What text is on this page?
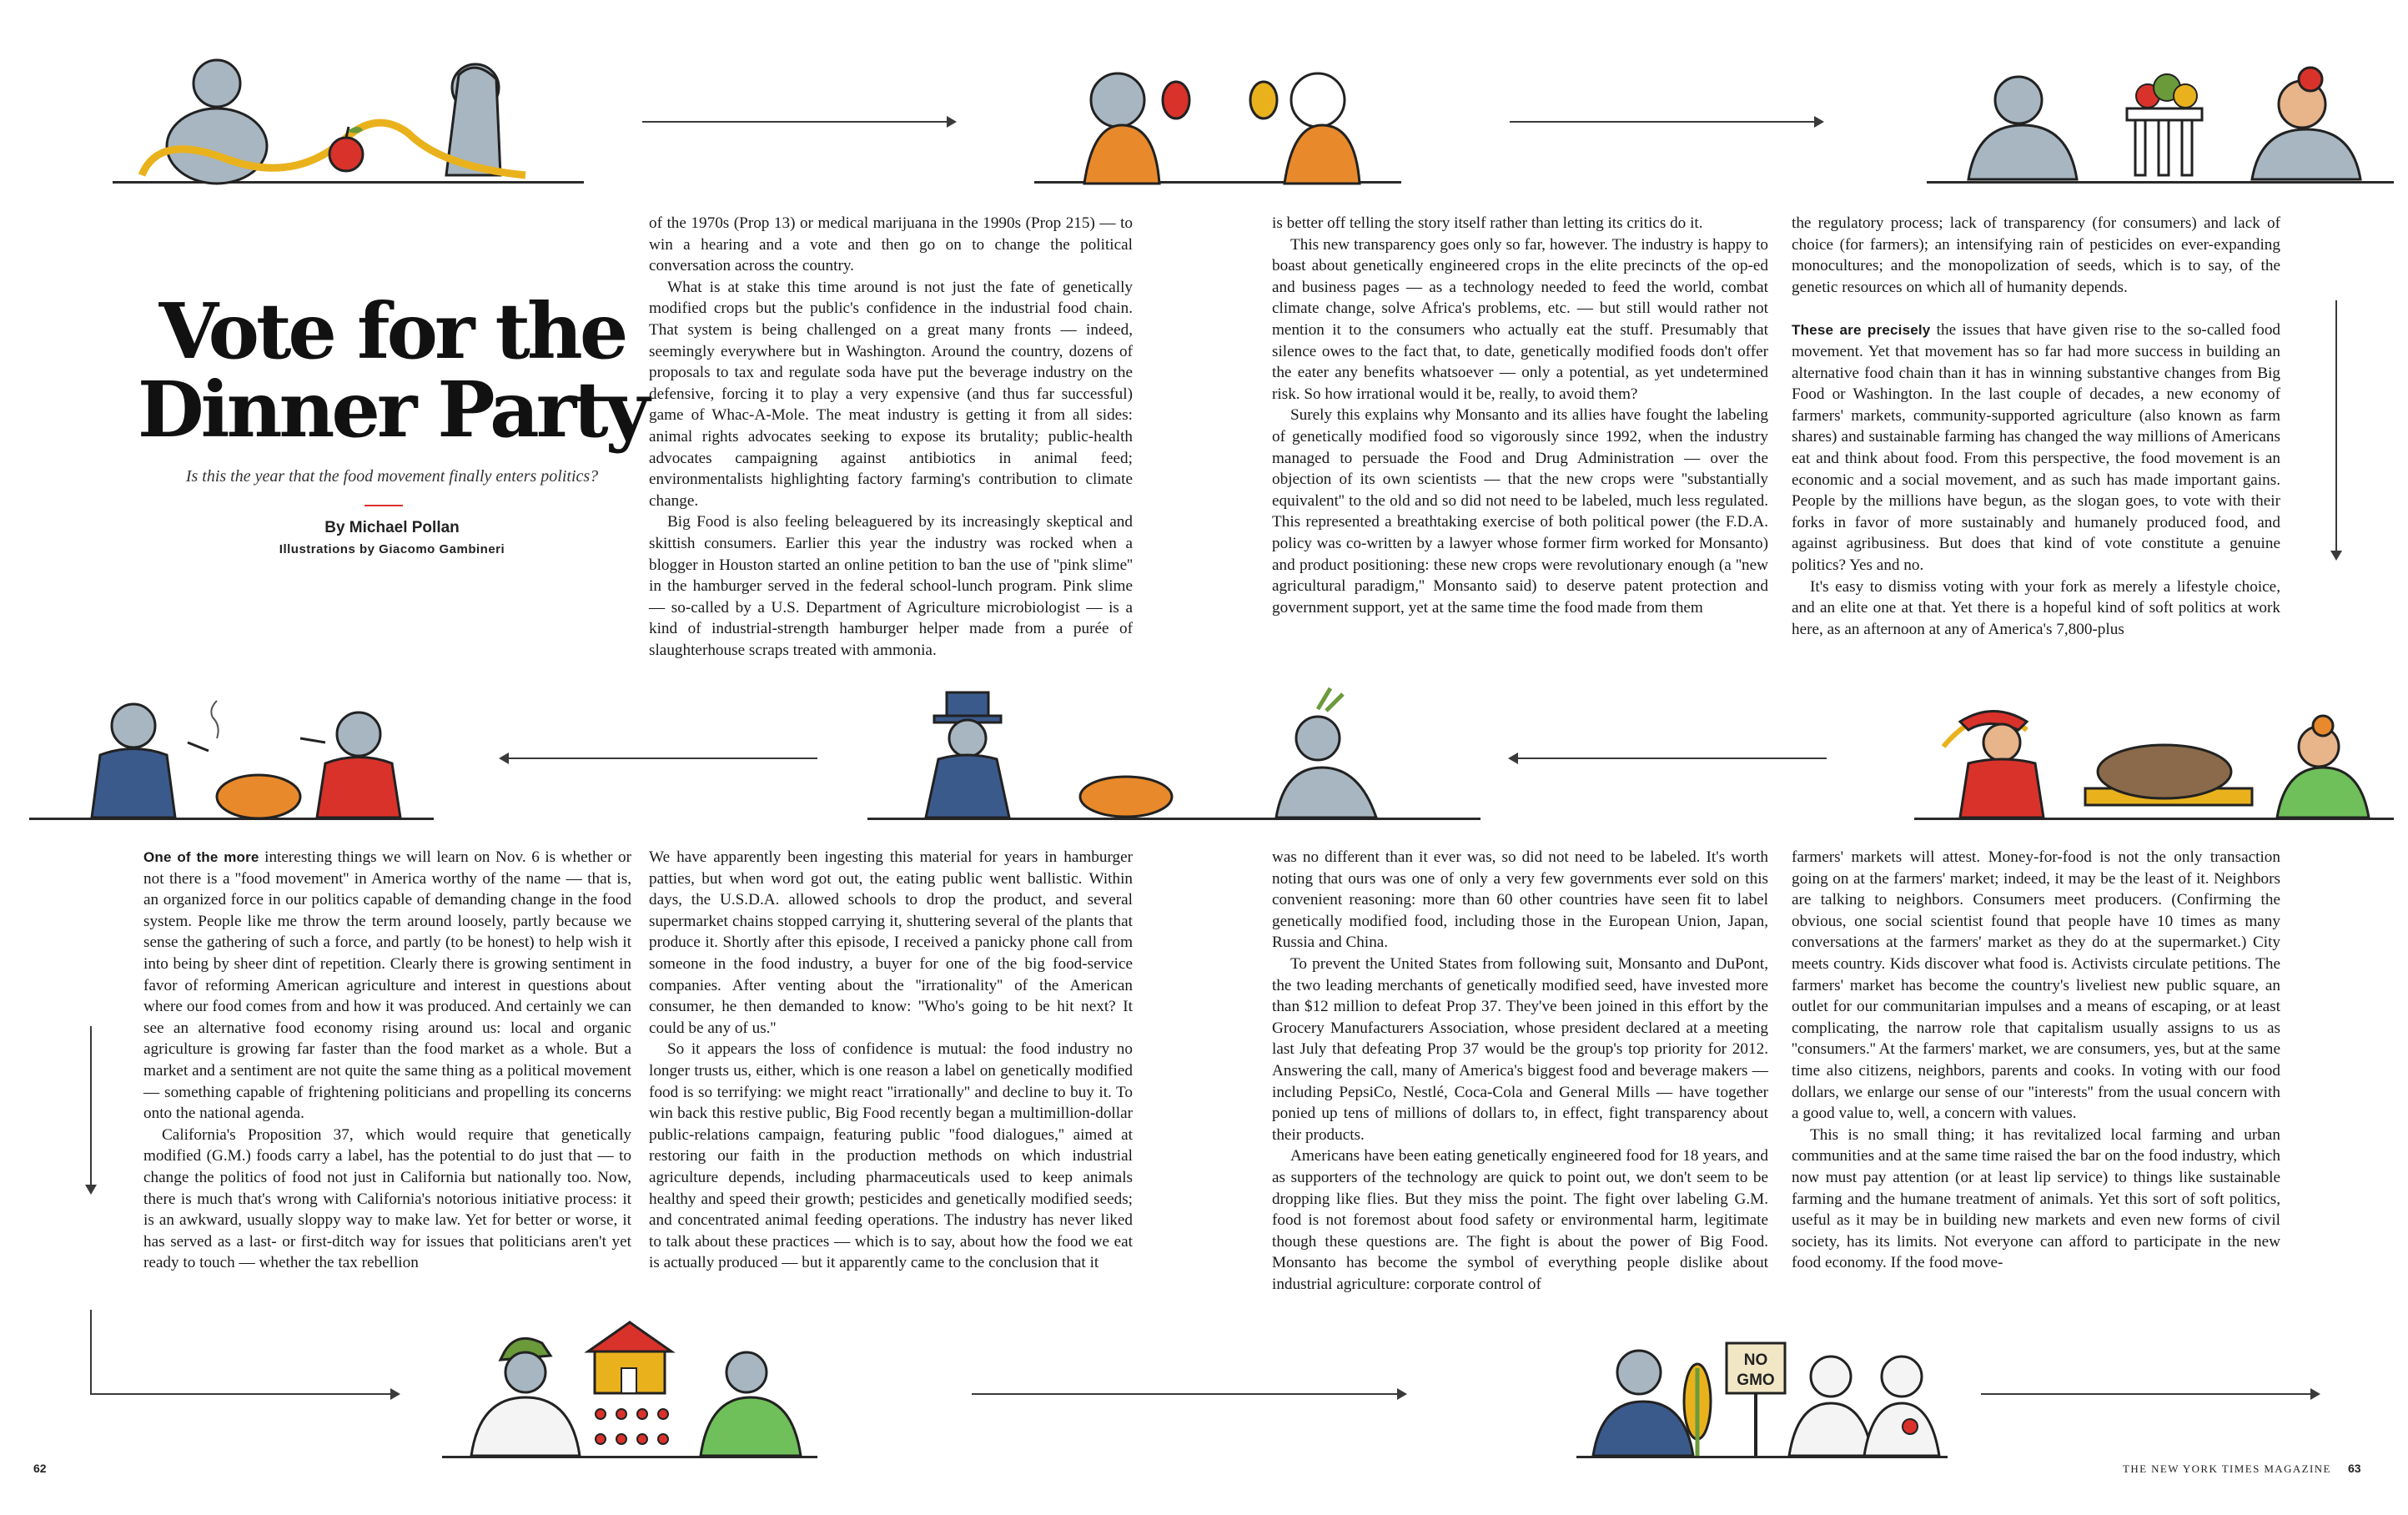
Vote for the
Dinner Party
Is this the year that the food movement finally enters politics?
By Michael Pollan
Illustrations by Giacomo Gambineri

of the 1970s (Prop 13) or medical marijuana in the 1990s (Prop 215) — to win a hearing and a vote and then go on to change the political conversation across the country.

What is at stake this time around is not just the fate of genetically modified crops but the public's confidence in the industrial food chain. That system is being challenged on a great many fronts — indeed, seemingly everywhere but in Washington. Around the country, dozens of proposals to tax and regulate soda have put the beverage industry on the defensive, forcing it to play a very expensive (and thus far successful) game of Whac-A-Mole. The meat industry is getting it from all sides: animal rights advocates seeking to expose its brutality; public-health advocates campaigning against antibiotics in animal feed; environmentalists highlighting factory farming's contribution to climate change.

Big Food is also feeling beleaguered by its increasingly skeptical and skittish consumers. Earlier this year the industry was rocked when a blogger in Houston started an online petition to ban the use of ''pink slime'' in the hamburger served in the federal school-lunch program. Pink slime — so-called by a U.S. Department of Agriculture microbiologist — is a kind of industrial-strength hamburger helper made from a purée of slaughterhouse scraps treated with ammonia.

is better off telling the story itself rather than letting its critics do it.

This new transparency goes only so far, however. The industry is happy to boast about genetically engineered crops in the elite precincts of the op-ed and business pages — as a technology needed to feed the world, combat climate change, solve Africa's problems, etc. — but still would rather not mention it to the consumers who actually eat the stuff. Presumably that silence owes to the fact that, to date, genetically modified foods don't offer the eater any benefits whatsoever — only a potential, as yet undetermined risk. So how irrational would it be, really, to avoid them?

Surely this explains why Monsanto and its allies have fought the labeling of genetically modified food so vigorously since 1992, when the industry managed to persuade the Food and Drug Administration — over the objection of its own scientists — that the new crops were ''substantially equivalent'' to the old and so did not need to be labeled, much less regulated. This represented a breathtaking exercise of both political power (the F.D.A. policy was co-written by a lawyer whose former firm worked for Monsanto) and product positioning: these new crops were revolutionary enough (a ''new agricultural paradigm,'' Monsanto said) to deserve patent protection and government support, yet at the same time the food made from them

the regulatory process; lack of transparency (for consumers) and lack of choice (for farmers); an intensifying rain of pesticides on ever-expanding monocultures; and the monopolization of seeds, which is to say, of the genetic resources on which all of humanity depends.

These are precisely the issues that have given rise to the so-called food movement. Yet that movement has so far had more success in building an alternative food chain than it has in winning substantive changes from Big Food or Washington. In the last couple of decades, a new economy of farmers' markets, community-supported agriculture (also known as farm shares) and sustainable farming has changed the way millions of Americans eat and think about food. From this perspective, the food movement is an economic and a social movement, and as such has made important gains. People by the millions have begun, as the slogan goes, to vote with their forks in favor of more sustainably and humanely produced food, and against agribusiness. But does that kind of vote constitute a genuine politics? Yes and no.

It's easy to dismiss voting with your fork as merely a lifestyle choice, and an elite one at that. Yet there is a hopeful kind of soft politics at work here, as an afternoon at any of America's 7,800-plus

One of the more interesting things we will learn on Nov. 6 is whether or not there is a ''food movement'' in America worthy of the name — that is, an organized force in our politics capable of demanding change in the food system. People like me throw the term around loosely, partly because we sense the gathering of such a force, and partly (to be honest) to help wish it into being by sheer dint of repetition. Clearly there is growing sentiment in favor of reforming American agriculture and interest in questions about where our food comes from and how it was produced. And certainly we can see an alternative food economy rising around us: local and organic agriculture is growing far faster than the food market as a whole. But a market and a sentiment are not quite the same thing as a political movement — something capable of frightening politicians and propelling its concerns onto the national agenda.

California's Proposition 37, which would require that genetically modified (G.M.) foods carry a label, has the potential to do just that — to change the politics of food not just in California but nationally too. Now, there is much that's wrong with California's notorious initiative process: it is an awkward, usually sloppy way to make law. Yet for better or worse, it has served as a last- or first-ditch way for issues that politicians aren't yet ready to touch — whether the tax rebellion

We have apparently been ingesting this material for years in hamburger patties, but when word got out, the eating public went ballistic. Within days, the U.S.D.A. allowed schools to drop the product, and several supermarket chains stopped carrying it, shuttering several of the plants that produce it. Shortly after this episode, I received a panicky phone call from someone in the food industry, a buyer for one of the big food-service companies. After venting about the ''irrationality'' of the American consumer, he then demanded to know: ''Who's going to be hit next? It could be any of us.''

So it appears the loss of confidence is mutual: the food industry no longer trusts us, either, which is one reason a label on genetically modified food is so terrifying: we might react ''irrationally'' and decline to buy it. To win back this restive public, Big Food recently began a multimillion-dollar public-relations campaign, featuring public ''food dialogues,'' aimed at restoring our faith in the production methods on which industrial agriculture depends, including pharmaceuticals used to keep animals healthy and speed their growth; pesticides and genetically modified seeds; and concentrated animal feeding operations. The industry has never liked to talk about these practices — which is to say, about how the food we eat is actually produced — but it apparently came to the conclusion that it

was no different than it ever was, so did not need to be labeled. It's worth noting that ours was one of only a very few governments ever sold on this convenient reasoning: more than 60 other countries have seen fit to label genetically modified food, including those in the European Union, Japan, Russia and China.

To prevent the United States from following suit, Monsanto and DuPont, the two leading merchants of genetically modified seed, have invested more than $12 million to defeat Prop 37. They've been joined in this effort by the Grocery Manufacturers Association, whose president declared at a meeting last July that defeating Prop 37 would be the group's top priority for 2012. Answering the call, many of America's biggest food and beverage makers — including PepsiCo, Nestlé, Coca-Cola and General Mills — have together ponied up tens of millions of dollars to, in effect, fight transparency about their products.

Americans have been eating genetically engineered food for 18 years, and as supporters of the technology are quick to point out, we don't seem to be dropping like flies. But they miss the point. The fight over labeling G.M. food is not foremost about food safety or environmental harm, legitimate though these questions are. The fight is about the power of Big Food. Monsanto has become the symbol of everything people dislike about industrial agriculture: corporate control of

farmers' markets will attest. Money-for-food is not the only transaction going on at the farmers' market; indeed, it may be the least of it. Neighbors are talking to neighbors. Consumers meet producers. (Confirming the obvious, one social scientist found that people have 10 times as many conversations at the farmers' market as they do at the supermarket.) City meets country. Kids discover what food is. Activists circulate petitions. The farmers' market has become the country's liveliest new public square, an outlet for our communitarian impulses and a means of escaping, or at least complicating, the narrow role that capitalism usually assigns to us as ''consumers.'' At the farmers' market, we are consumers, yes, but at the same time also citizens, neighbors, parents and cooks. In voting with our food dollars, we enlarge our sense of our ''interests'' from the usual concern with a good value to, well, a concern with values.

This is no small thing; it has revitalized local farming and urban communities and at the same time raised the bar on the food industry, which now must pay attention (or at least lip service) to things like sustainable farming and the humane treatment of animals. Yet this sort of soft politics, useful as it may be in building new markets and even new forms of civil society, has its limits. Not everyone can afford to participate in the new food economy. If the food move-

NO
GMO
62	THE NEW YORK TIMES MAGAZINE 63
